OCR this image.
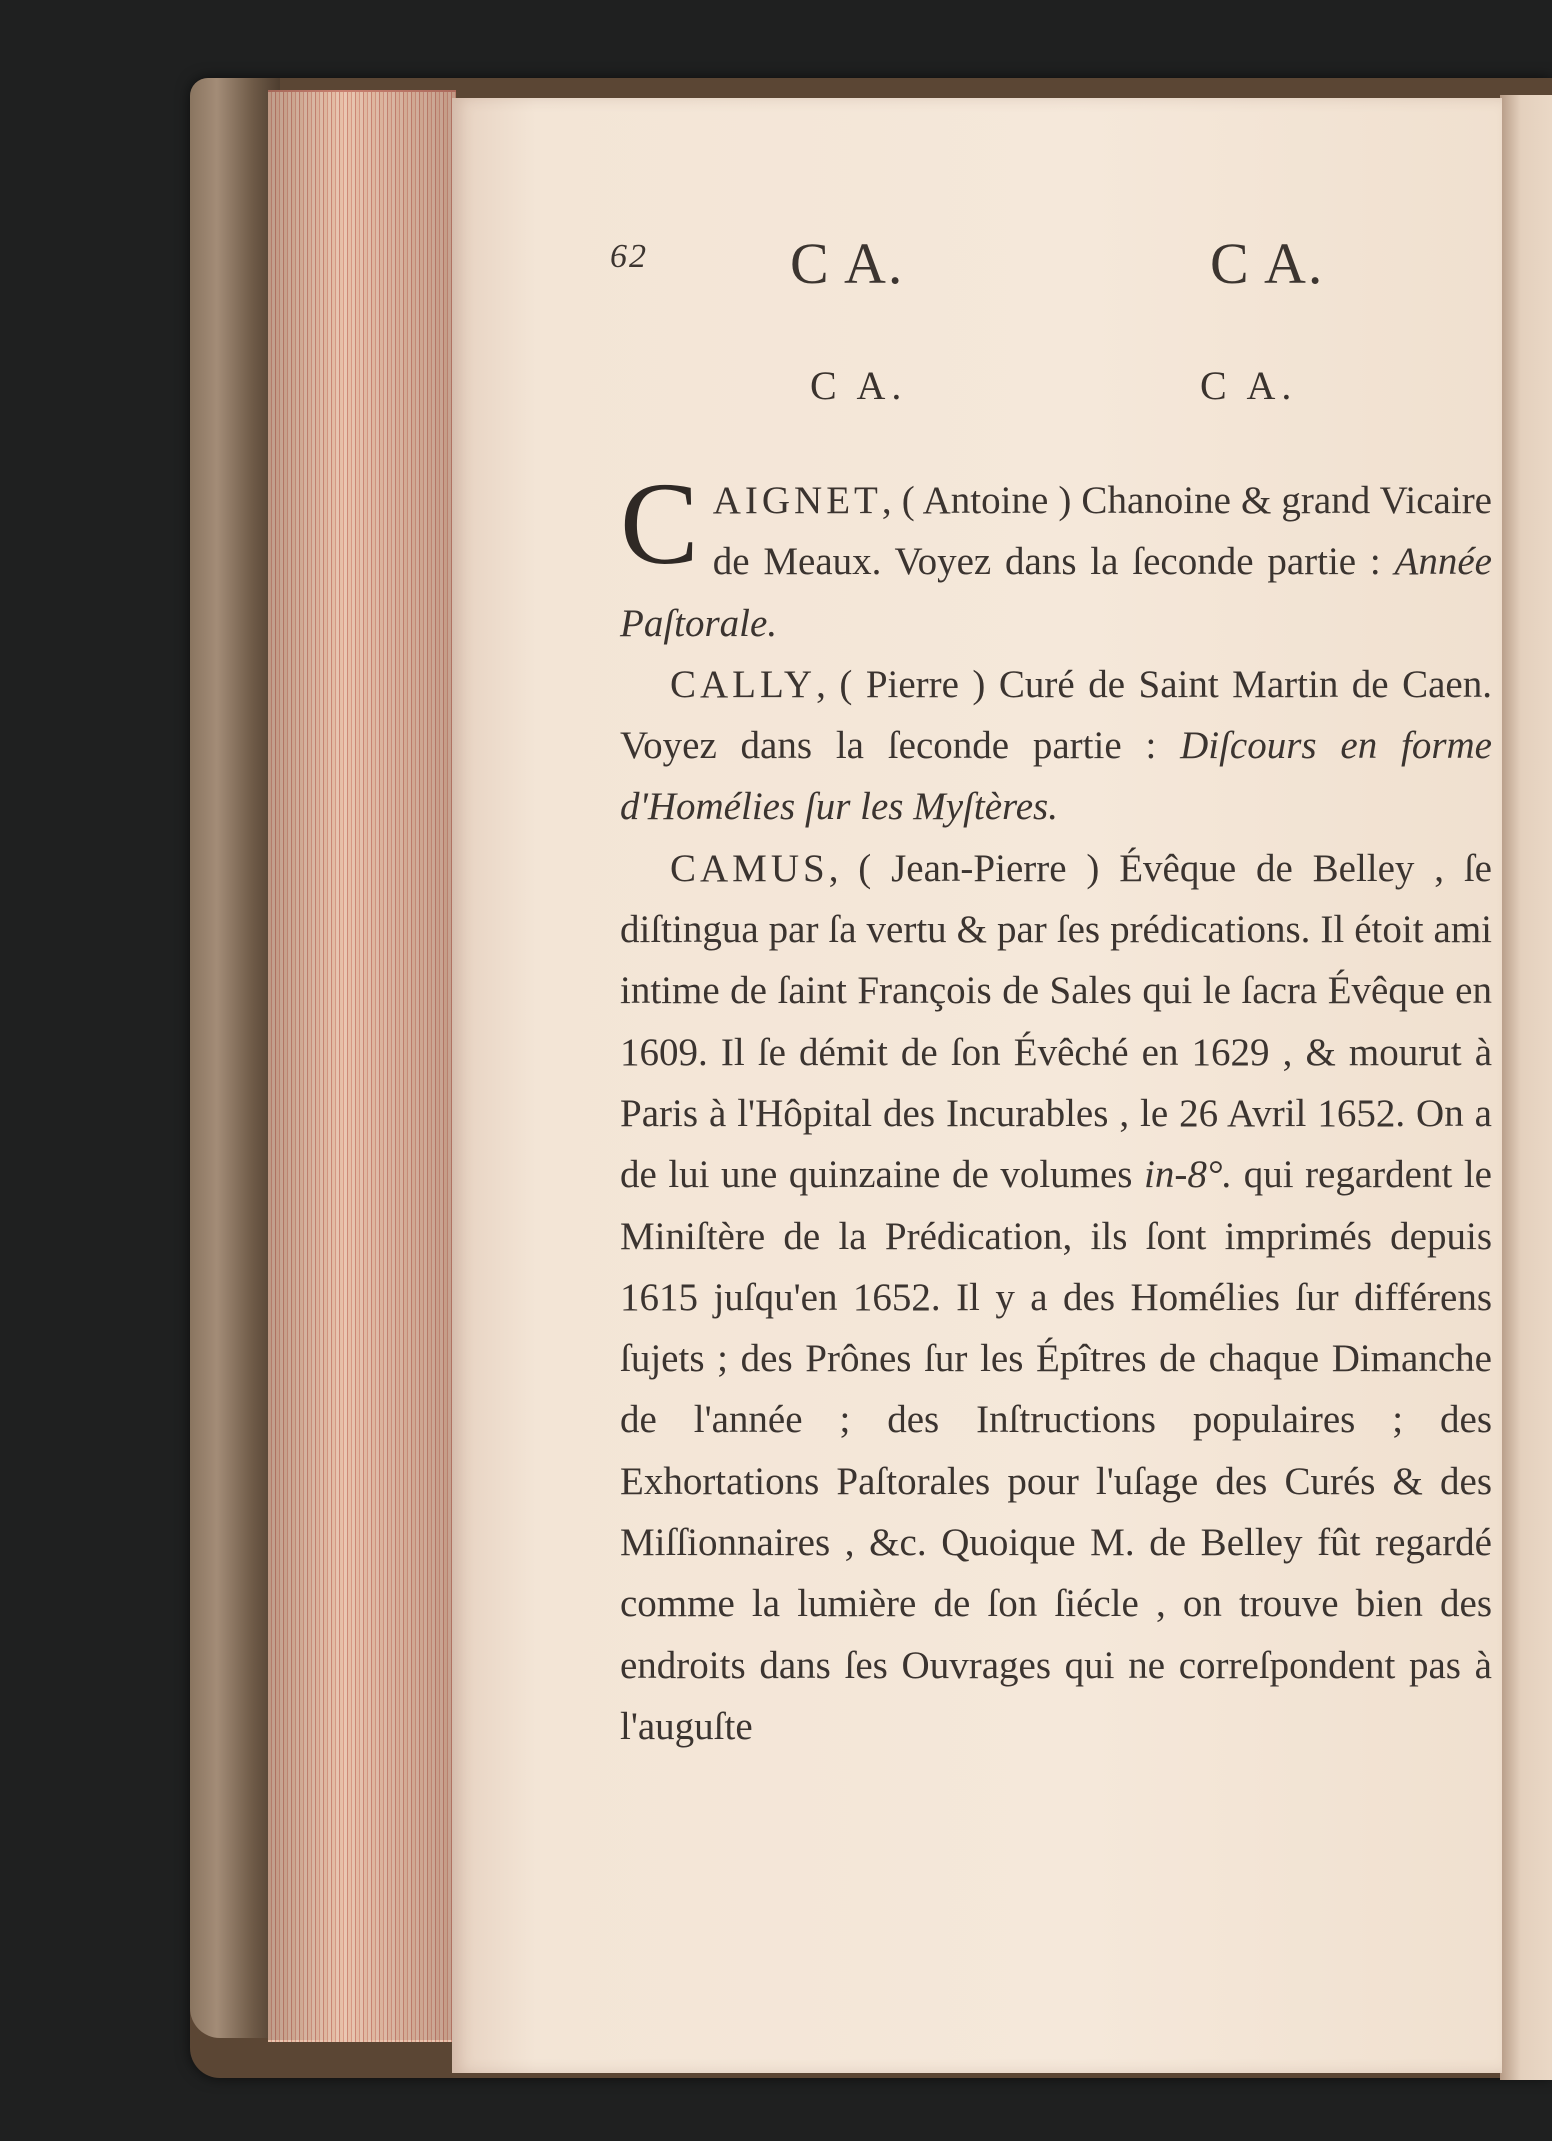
62 C A.	C A.
C A.	C A.

CAIGNET, ( Antoine ) Chanoine & grand Vicaire de Meaux. Voyez dans la ſeconde partie : Année Paſtorale.

CALLY, ( Pierre ) Curé de Saint Martin de Caen. Voyez dans la ſeconde partie : Diſcours en forme d'Homélies ſur les Myſtères.

CAMUS, ( Jean-Pierre ) Évêque de Belley , ſe diſtingua par ſa vertu & par ſes prédications. Il étoit ami intime de ſaint François de Sales qui le ſacra Évêque en 1609. Il ſe démit de ſon Évêché en 1629 , & mourut à Paris à l'Hôpital des Incurables , le 26 Avril 1652. On a de lui une quinzaine de volumes in-8°. qui regardent le Miniſtère de la Prédication, ils ſont imprimés depuis 1615 juſqu'en 1652. Il y a des Homélies ſur différens ſujets ; des Prônes ſur les Épîtres de chaque Dimanche de l'année ; des Inſtructions populaires ; des Exhortations Paſtorales pour l'uſage des Curés & des Miſſionnaires , &c. Quoique M. de Belley fût regardé comme la lumière de ſon ſiécle , on trouve bien des endroits dans ſes Ouvrages qui ne correſpondent pas à l'auguſte
